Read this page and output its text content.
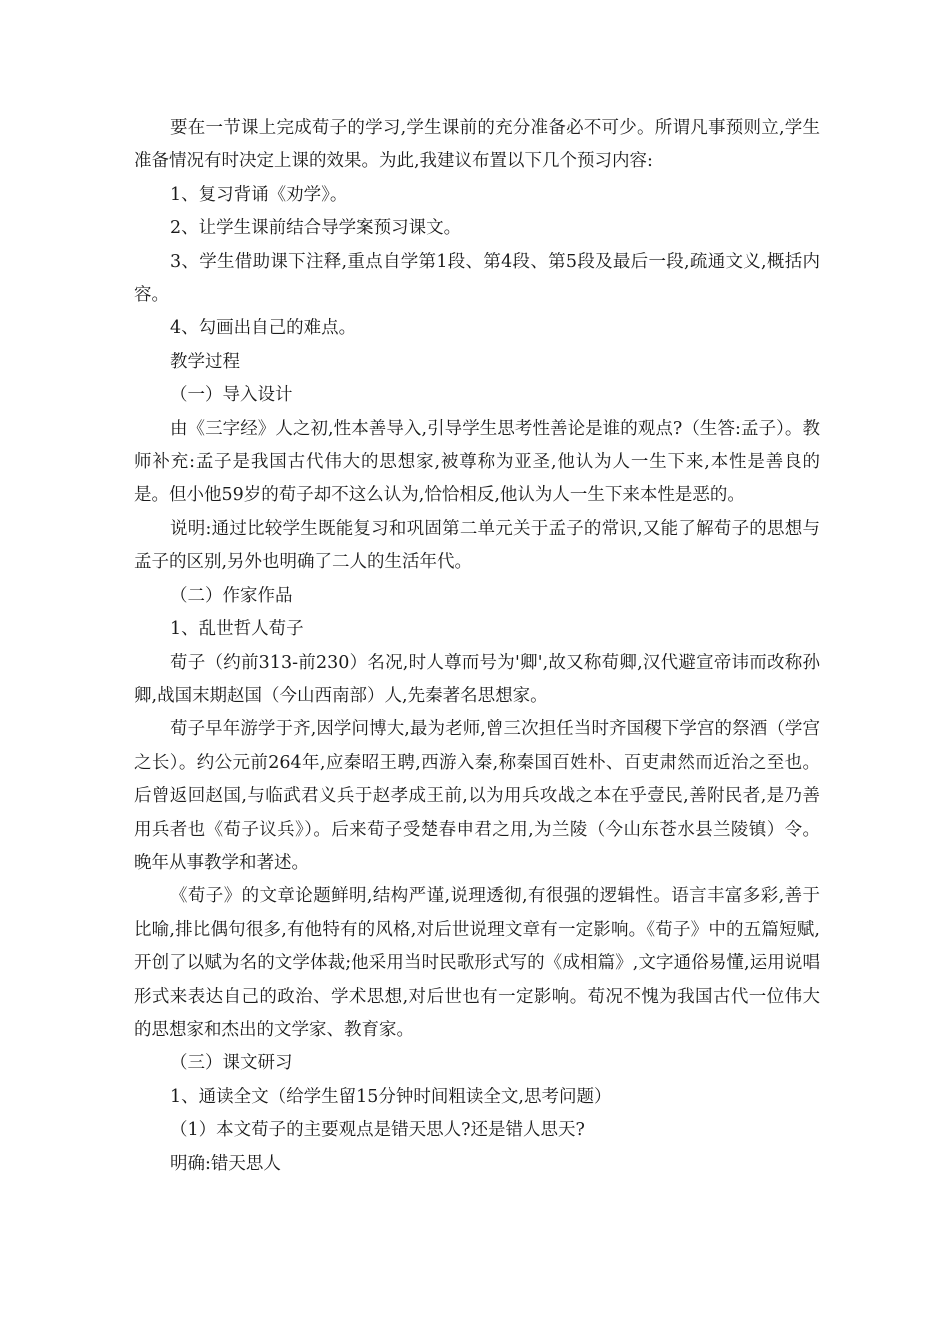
要在一节课上完成荀子的学习,学生课前的充分准备必不可少。所谓凡事预则立,学生准备情况有时决定上课的效果。为此,我建议布置以下几个预习内容:

1、复习背诵《劝学》。

2、让学生课前结合导学案预习课文。

3、学生借助课下注释,重点自学第1段、第4段、第5段及最后一段,疏通文义,概括内容。

4、勾画出自己的难点。

教学过程

（一）导入设计

由《三字经》人之初,性本善导入,引导学生思考性善论是谁的观点?（生答:孟子）。教师补充:孟子是我国古代伟大的思想家,被尊称为亚圣,他认为人一生下来,本性是善良的是。但小他59岁的荀子却不这么认为,恰恰相反,他认为人一生下来本性是恶的。

说明:通过比较学生既能复习和巩固第二单元关于孟子的常识,又能了解荀子的思想与孟子的区别,另外也明确了二人的生活年代。

（二）作家作品

1、乱世哲人荀子

荀子（约前313-前230）名况,时人尊而号为'卿',故又称荀卿,汉代避宣帝讳而改称孙卿,战国末期赵国（今山西南部）人,先秦著名思想家。

荀子早年游学于齐,因学问博大,最为老师,曾三次担任当时齐国稷下学宫的祭酒（学宫之长）。约公元前264年,应秦昭王聘,西游入秦,称秦国百姓朴、百吏肃然而近治之至也。后曾返回赵国,与临武君义兵于赵孝成王前,以为用兵攻战之本在乎壹民,善附民者,是乃善用兵者也《荀子议兵》）。后来荀子受楚春申君之用,为兰陵（今山东苍水县兰陵镇）令。晚年从事教学和著述。

《荀子》的文章论题鲜明,结构严谨,说理透彻,有很强的逻辑性。语言丰富多彩,善于比喻,排比偶句很多,有他特有的风格,对后世说理文章有一定影响。《荀子》中的五篇短赋,开创了以赋为名的文学体裁;他采用当时民歌形式写的《成相篇》,文字通俗易懂,运用说唱形式来表达自己的政治、学术思想,对后世也有一定影响。荀况不愧为我国古代一位伟大的思想家和杰出的文学家、教育家。

（三）课文研习

1、通读全文（给学生留15分钟时间粗读全文,思考问题）

（1）本文荀子的主要观点是错天思人?还是错人思天?

明确:错天思人
